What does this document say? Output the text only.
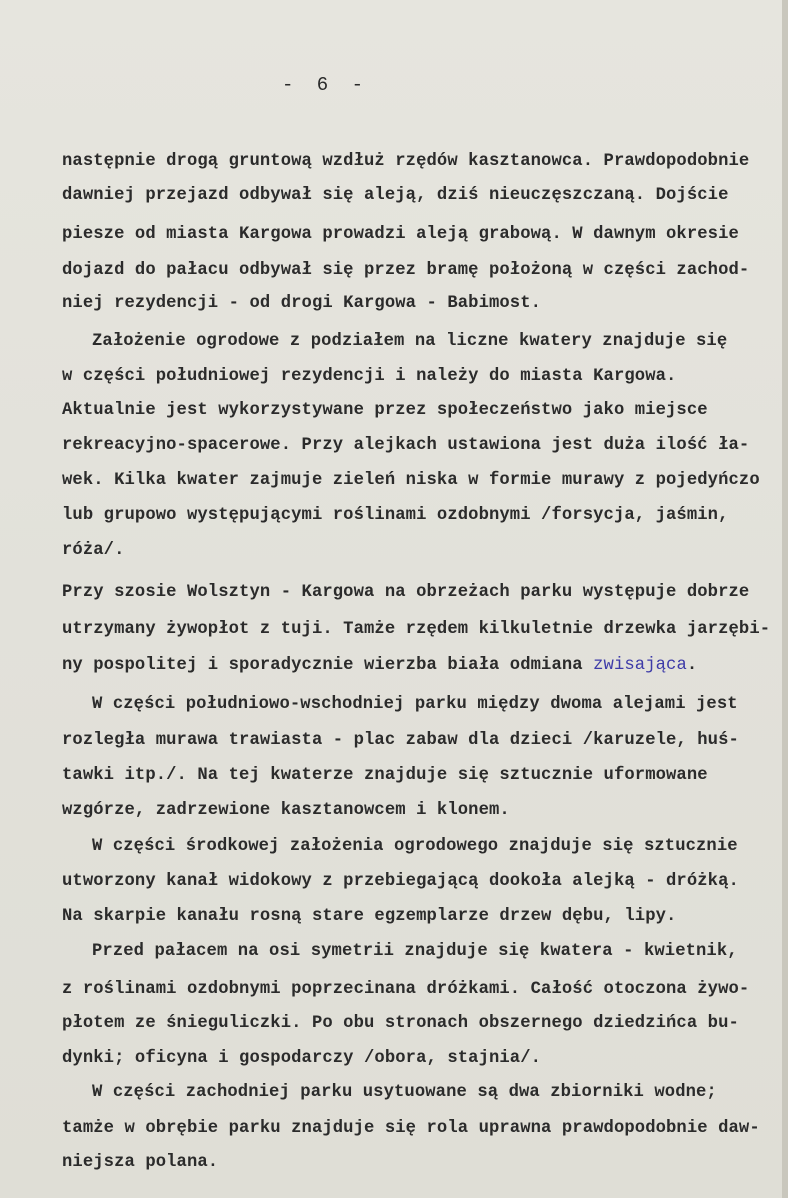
- 6 -
następnie drogą gruntową wzdłuż rzędów kasztanowca. Prawdopodobnie
dawniej przejazd odbywał się aleją, dziś nieuczęszczaną. Dojście
piesze od miasta Kargowa prowadzi aleją grabową. W dawnym okresie
dojazd do pałacu odbywał się przez bramę położoną w części zachod-
niej rezydencji - od drogi Kargowa - Babimost.
Założenie ogrodowe z podziałem na liczne kwatery znajduje się
w części południowej rezydencji i należy do miasta Kargowa.
Aktualnie jest wykorzystywane przez społeczeństwo jako miejsce
rekreacyjno-spacerowe. Przy alejkach ustawiona jest duża ilość ła-
wek. Kilka kwater zajmuje zieleń niska w formie murawy z pojedyńczo
lub grupowo występującymi roślinami ozdobnymi /forsycja, jaśmin,
róża/.
Przy szosie Wolsztyn - Kargowa na obrzeżach parku występuje dobrze
utrzymany żywopłot z tuji. Tamże rzędem kilkuletnie drzewka jarzębi-
ny pospolitej i sporadycznie wierzba biała odmiana zwisająca.
W części południowo-wschodniej parku między dwoma alejami jest
rozległa murawa trawiasta - plac zabaw dla dzieci /karuzele, huś-
tawki itp./. Na tej kwaterze znajduje się sztucznie uformowane
wzgórze, zadrzewione kasztanowcem i klonem.
W części środkowej założenia ogrodowego znajduje się sztucznie
utworzony kanał widokowy z przebiegającą dookoła alejką - dróżką.
Na skarpie kanału rosną stare egzemplarze drzew dębu, lipy.
Przed pałacem na osi symetrii znajduje się kwatera - kwietnik,
z roślinami ozdobnymi poprzecinana dróżkami. Całość otoczona żywo-
płotem ze śnieguliczki. Po obu stronach obszernego dziedzińca bu-
dynki; oficyna i gospodarczy /obora, stajnia/.
W części zachodniej parku usytuowane są dwa zbiorniki wodne;
tamże w obrębie parku znajduje się rola uprawna prawdopodobnie daw-
niejsza polana.
